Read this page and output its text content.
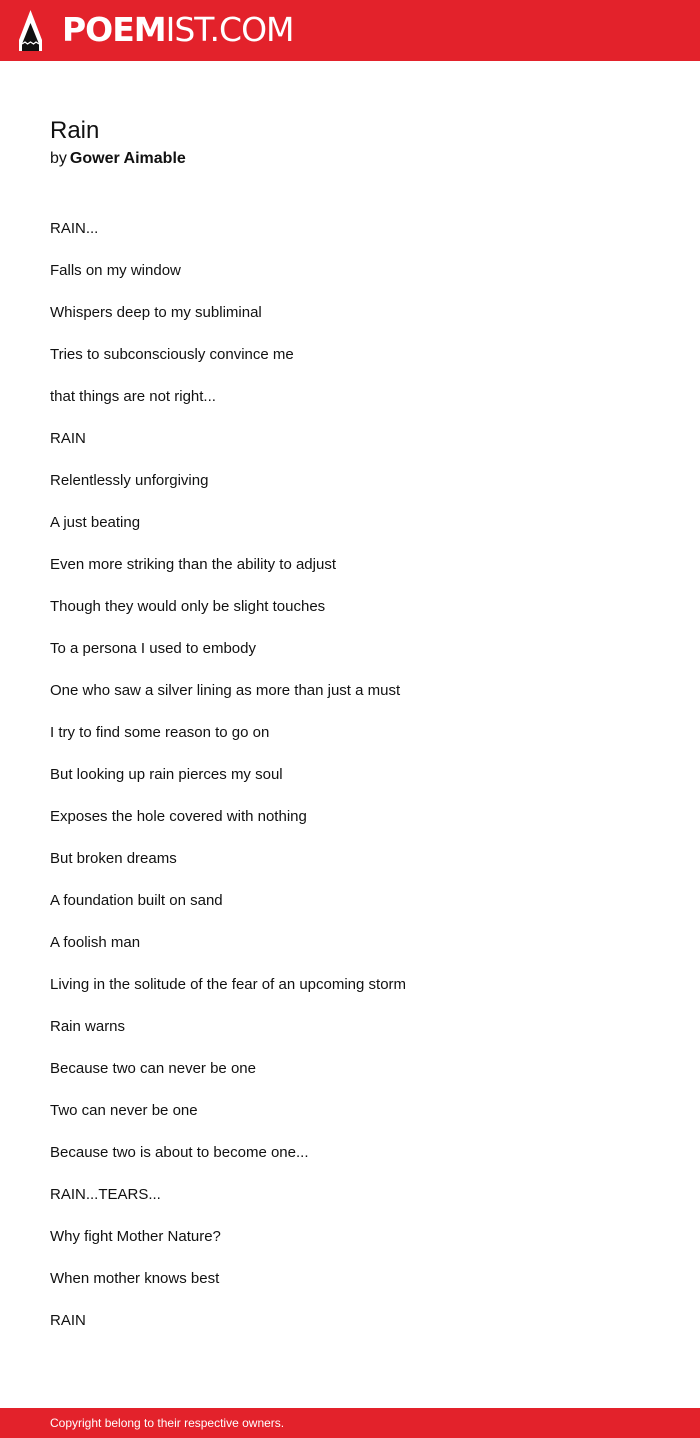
POEMIST.COM
Rain
by Gower Aimable

RAIN...

Falls on my window

Whispers deep to my subliminal

Tries to subconsciously convince me

that things are not right...

RAIN

Relentlessly unforgiving

A just beating

Even more striking than the ability to adjust

Though they would only be slight touches

To a persona I used to embody

One who saw a silver lining as more than just a must

I try to find some reason to go on

But looking up rain pierces my soul

Exposes the hole covered with nothing

But broken dreams

A foundation built on sand

A foolish man

Living in the solitude of the fear of an upcoming storm

Rain warns

Because two can never be one

Two can never be one

Because two is about to become one...

RAIN...TEARS...

Why fight Mother Nature?

When mother knows best

RAIN

Copyright belong to their respective owners.
